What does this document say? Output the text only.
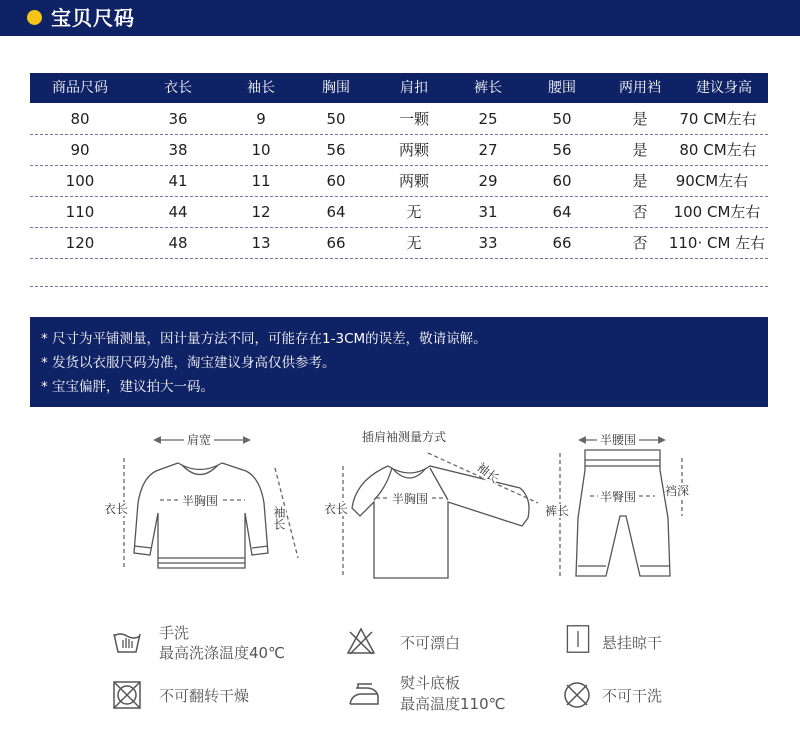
宝贝尺码
商品尺码	衣长	袖长	胸围	肩扣	裤长	腰围	两用裆	建议身高
80	36	9	50	一颗	25	50	是	70 CM左右
90	38	10	56	两颗	27	56	是	80 CM左右
100	41	11	60	两颗	29	60	是	90CM左右
110	44	12	64	无	31	64	否	100 CM左右
120	48	13	66	无	33	66	否	110· CM 左右
* 尺寸为平铺测量，因计量方法不同，可能存在1-3CM的误差，敬请谅解。
* 发货以衣服尺码为准，淘宝建议身高仅供参考。
* 宝宝偏胖，建议拍大一码。
肩宽
衣长
半胸围
袖长
插肩袖测量方式
衣长
半胸围
袖长
半腰围
裤长
半臀围 裆深
手洗
最高洗涤温度40℃
不可漂白	悬挂晾干
不可翻转干燥
熨斗底板
最高温度110℃	不可干洗
